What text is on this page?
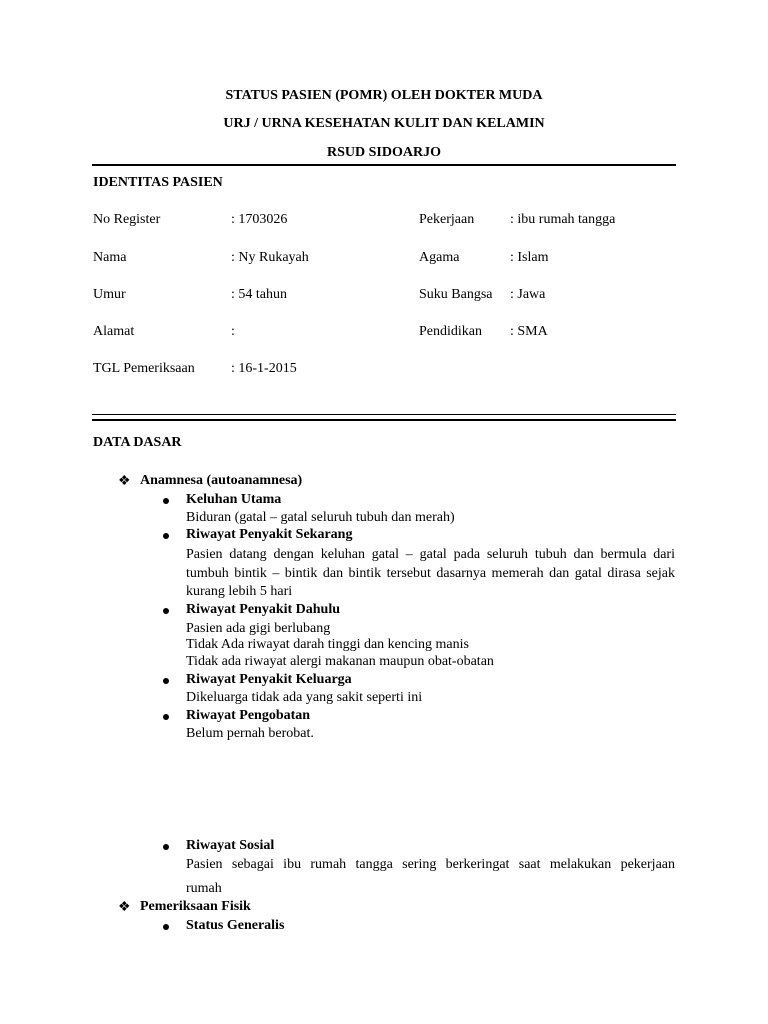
STATUS PASIEN (POMR) OLEH DOKTER MUDA
URJ / URNA KESEHATAN KULIT DAN KELAMIN
RSUD SIDOARJO
IDENTITAS PASIEN
No Register	: 1703026	Pekerjaan	: ibu rumah tangga
Nama	: Ny Rukayah	Agama	: Islam
Umur	: 54 tahun	Suku Bangsa : Jawa
Alamat	:	Pendidikan : SMA
TGL Pemeriksaan	: 16-1-2015
DATA DASAR
❖ Anamnesa (autoanamnesa)
Keluhan Utama
Biduran (gatal – gatal seluruh tubuh dan merah)
Riwayat Penyakit Sekarang
Pasien datang dengan keluhan gatal – gatal pada seluruh tubuh dan bermula dari tumbuh bintik – bintik dan bintik tersebut dasarnya memerah dan gatal dirasa sejak kurang lebih 5 hari
Riwayat Penyakit Dahulu
Pasien ada gigi berlubang
Tidak Ada riwayat darah tinggi dan kencing manis
Tidak ada riwayat alergi makanan maupun obat-obatan
Riwayat Penyakit Keluarga
Dikeluarga tidak ada yang sakit seperti ini
Riwayat Pengobatan
Belum pernah berobat.
Riwayat Sosial
Pasien sebagai ibu rumah tangga sering berkeringat saat melakukan pekerjaan
rumah
❖ Pemeriksaan Fisik
Status Generalis
